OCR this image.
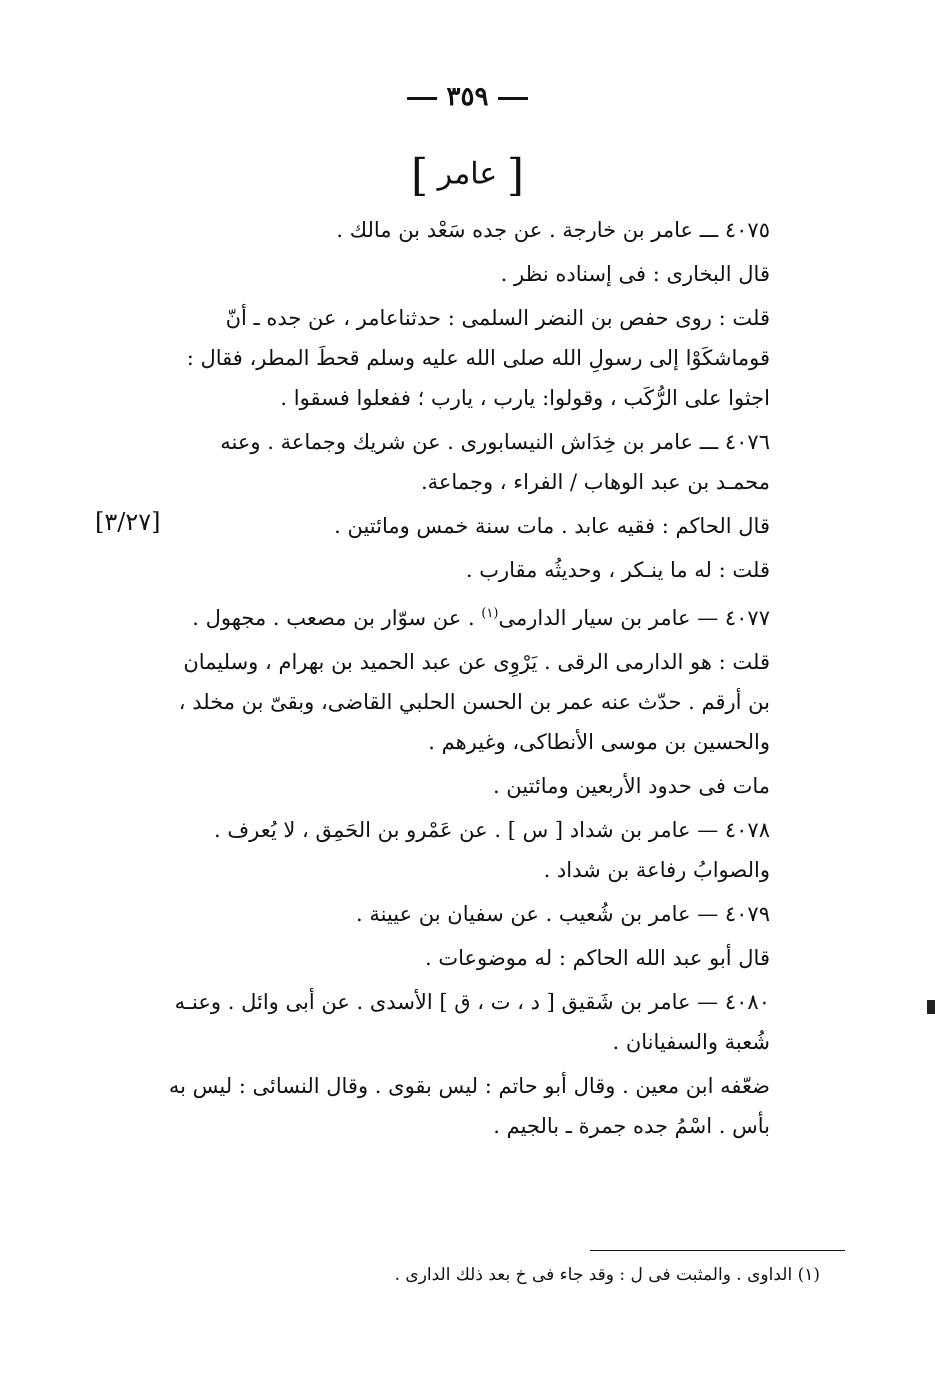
٣٥٩
[ عامر ]
[٣/٢٧]

٤٠٧٥ ـــ عامر بن خارجة . عن جده سَعْد بن مالك .

قال البخارى : فى إسناده نظر .

قلت : روى حفص بن النضر السلمى : حدثناعامر ، عن جده ـ أنّ قوماشكَوْا إلى رسولِ الله صلى الله عليه وسلم قحطَ المطر، فقال : اجثوا على الرُّكَب ، وقولوا: يارب ، يارب ؛ ففعلوا فسقوا .

٤٠٧٦ ـــ عامر بن خِدَاش النيسابورى . عن شريك وجماعة . وعنه محمـد بن عبد الوهاب / الفراء ، وجماعة.

قال الحاكم : فقيه عابد . مات سنة خمس ومائتين .

قلت : له ما ينـكر ، وحديثُه مقارب .

٤٠٧٧ — عامر بن سيار الدارمى$^{(١)}$ . عن سوّار بن مصعب . مجهول .

قلت : هو الدارمى الرقى . يَرْوِى عن عبد الحميد بن بهرام ، وسليمان بن أرقم . حدّث عنه عمر بن الحسن الحلبي القاضى، وبقىّ بن مخلد ، والحسين بن موسى الأنطاكى، وغيرهم .

مات فى حدود الأربعين ومائتين .

٤٠٧٨ — عامر بن شداد [ س ] . عن عَمْرو بن الحَمِق ، لا يُعرف . والصوابُ رفاعة بن شداد .

٤٠٧٩ — عامر بن شُعيب . عن سفيان بن عيينة .

قال أبو عبد الله الحاكم : له موضوعات .

٤٠٨٠ — عامر بن شَقيق [ د ، ت ، ق ] الأسدى . عن أبى وائل . وعنـه شُعبة والسفيانان .

ضعّفه ابن معين . وقال أبو حاتم : ليس بقوى . وقال النسائى : ليس به بأس . اسْمُ جده جمرة ـ بالجيم .

(١) الداوى . والمثبت فى ل : وقد جاء فى خ بعد ذلك الدارى .
